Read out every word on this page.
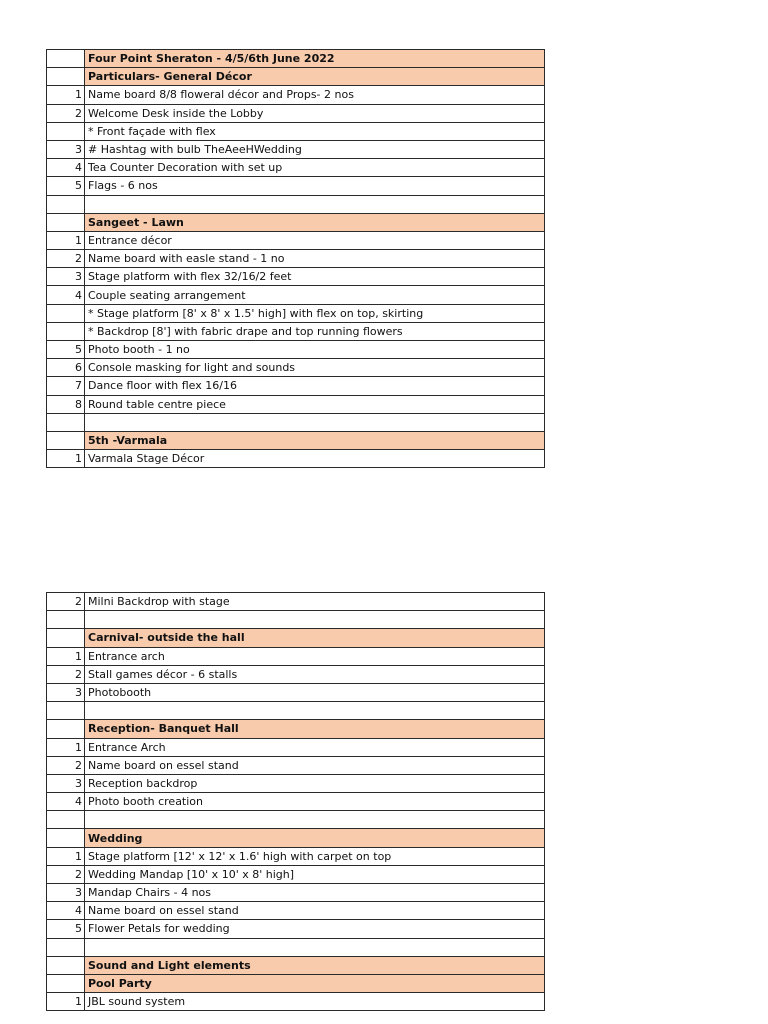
	Four Point Sheraton - 4/5/6th June 2022
	Particulars- General Décor
1	Name board 8/8 floweral décor and Props- 2 nos
2	Welcome Desk inside the Lobby
	* Front façade with flex
3	# Hashtag with bulb TheAeeHWedding
4	Tea Counter Decoration with set up
5	Flags - 6 nos

	Sangeet - Lawn
1	Entrance décor
2	Name board with easle stand - 1 no
3	Stage platform with flex 32/16/2 feet
4	Couple seating arrangement
	* Stage platform [8' x 8' x 1.5' high] with flex on top, skirting
	* Backdrop [8'] with fabric drape and top running flowers
5	Photo booth - 1 no
6	Console masking for light and sounds
7	Dance floor with flex 16/16
8	Round table centre piece

	5th -Varmala
1	Varmala Stage Décor
2	Milni Backdrop with stage

	Carnival- outside the hall
1	Entrance arch
2	Stall games décor - 6 stalls
3	Photobooth

	Reception- Banquet Hall
1	Entrance Arch
2	Name board on essel stand
3	Reception backdrop
4	Photo booth creation

	Wedding
1	Stage platform [12' x 12' x 1.6' high with carpet on top
2	Wedding Mandap [10' x 10' x 8' high]
3	Mandap Chairs - 4 nos
4	Name board on essel stand
5	Flower Petals for wedding

	Sound and Light elements
	Pool Party
1	JBL sound system
